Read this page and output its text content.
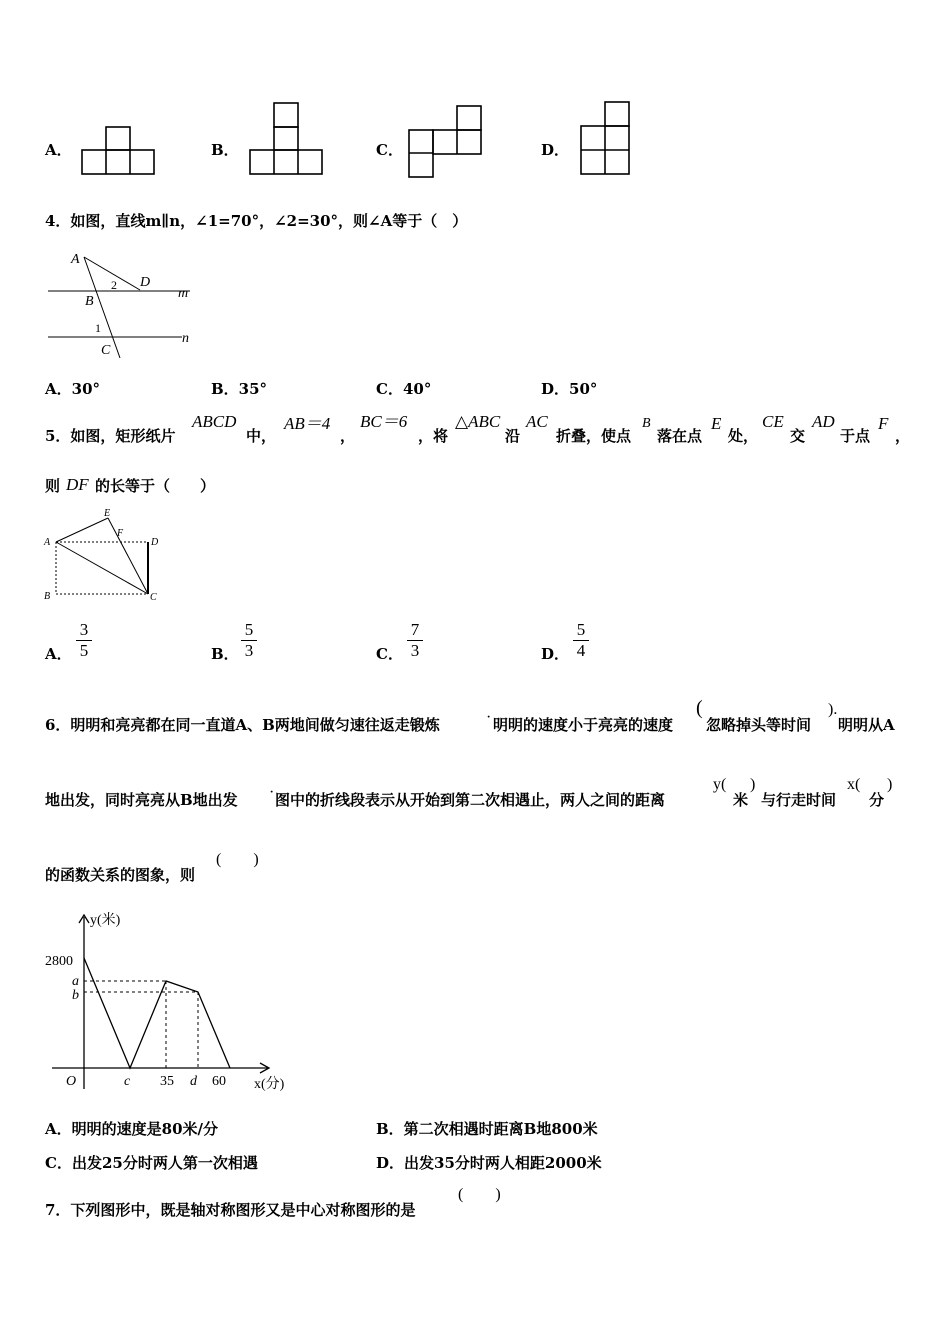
A．	B．	C．	D．
4．如图，直线m∥n，∠1=70°，∠2=30°，则∠A等于（　）
A
D
m
B
n
C
1
2
A．30°	B．35°	C．40°	D．50°
5．如图，矩形纸片
ABCD
中，
AB＝4
，
BC＝6
，将
△ABC
沿
AC
折叠，使点
B
落在点
E
处，
CE
交
AD
于点
F
，
则 DF 的长等于（　　）
A
E
F
D
B	C
A． $\frac{3}{5}$	B． $\frac{5}{3}$	C． $\frac{7}{3}$	D． $\frac{5}{4}$
6．明明和亮亮都在同一直道A、B两地间做匀速往返走锻炼	· 明明的速度小于亮亮的速度
(
忽略掉头等时间
).
明明从A
地出发，同时亮亮从B地出发 · 图中的折线段表示从开始到第二次相遇止，两人之间的距离
y(
米
)
与行走时间
x(
分
)
的函数关系的图象，则
(　　)
y(米)
x(分)
2800
35	60
a
b
O	c	d
A．明明的速度是80米/分	B．第二次相遇时距离B地800米
C．出发25分时两人第一次相遇	D．出发35分时两人相距2000米
7．下列图形中，既是轴对称图形又是中心对称图形的是
(　　)
